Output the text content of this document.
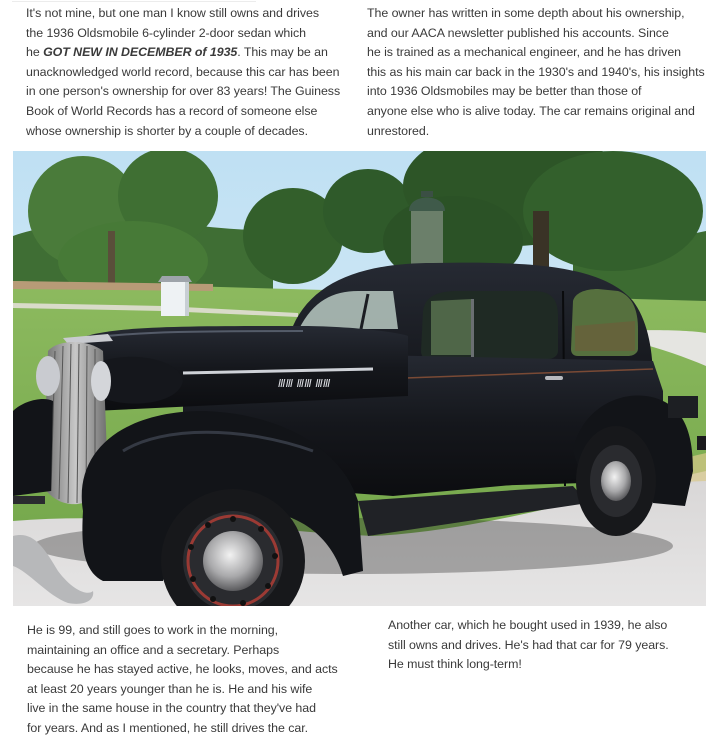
It's not mine, but one man I know still owns and drives
the 1936 Oldsmobile 6-cylinder 2-door sedan which
he GOT NEW IN DECEMBER of 1935. This may be an
unacknowledged world record, because this car has been
in one person's ownership for over 83 years! The Guiness
Book of World Records has a record of someone else
whose ownership is shorter by a couple of decades.
The owner has written in some depth about his ownership,
and our AACA newsletter published his accounts. Since
he is trained as a mechanical engineer, and he has driven
this as his main car back in the 1930's and 1940's, his insights
into 1936 Oldsmobiles may be better than those of
anyone else who is alive today. The car remains original and
unrestored.
ⅢⅢ ⅢⅢ ⅢⅢ
He is 99, and still goes to work in the morning,
maintaining an office and a secretary. Perhaps
because he has stayed active, he looks, moves, and acts
at least 20 years younger than he is. He and his wife
live in the same house in the country that they've had
for years. And as I mentioned, he still drives the car.
Another car, which he bought used in 1939, he also
still owns and drives. He's had that car for 79 years.
He must think long-term!
